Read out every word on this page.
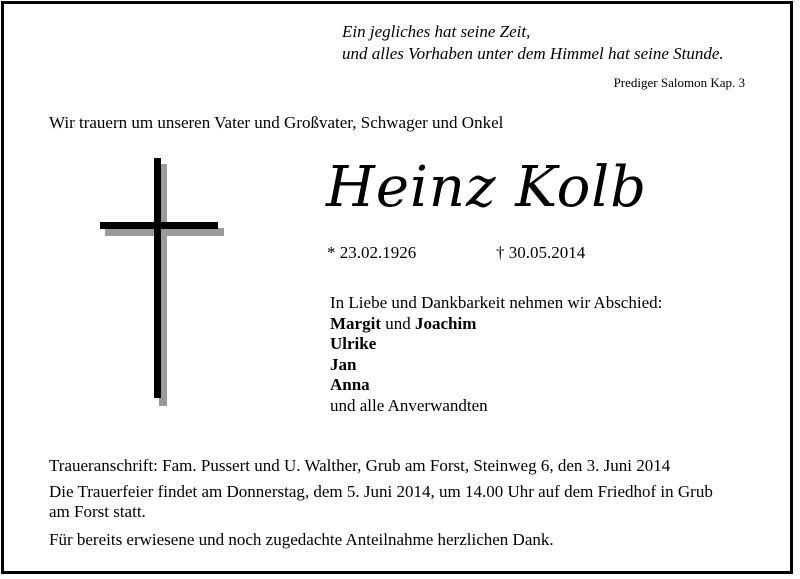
Ein jegliches hat seine Zeit,
und alles Vorhaben unter dem Himmel hat seine Stunde.
Prediger Salomon Kap. 3
Wir trauern um unseren Vater und Großvater, Schwager und Onkel
Heinz Kolb
* 23.02.1926	† 30.05.2014
In Liebe und Dankbarkeit nehmen wir Abschied:
Margit und Joachim
Ulrike
Jan
Anna
und alle Anverwandten
Traueranschrift: Fam. Pussert und U. Walther, Grub am Forst, Steinweg 6, den 3. Juni 2014
Die Trauerfeier findet am Donnerstag, dem 5. Juni 2014, um 14.00 Uhr auf dem Friedhof in Grub am Forst statt.
Für bereits erwiesene und noch zugedachte Anteilnahme herzlichen Dank.
